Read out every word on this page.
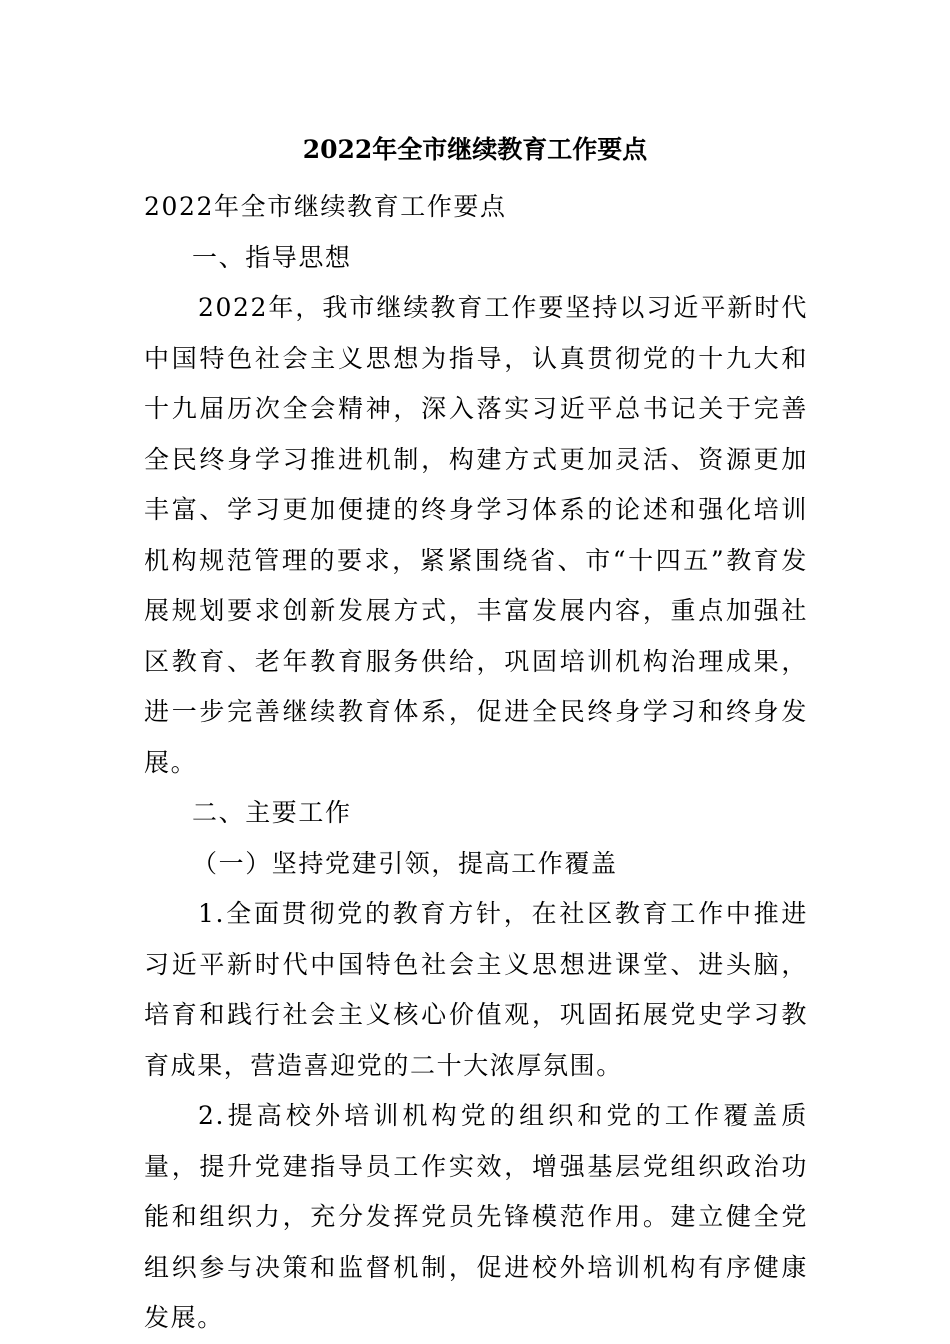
2022年全市继续教育工作要点

2022年全市继续教育工作要点

一、指导思想

2022年，我市继续教育工作要坚持以习近平新时代中国特色社会主义思想为指导，认真贯彻党的十九大和十九届历次全会精神，深入落实习近平总书记关于完善全民终身学习推进机制，构建方式更加灵活、资源更加丰富、学习更加便捷的终身学习体系的论述和强化培训机构规范管理的要求，紧紧围绕省、市“十四五”教育发展规划要求创新发展方式，丰富发展内容，重点加强社区教育、老年教育服务供给，巩固培训机构治理成果，进一步完善继续教育体系，促进全民终身学习和终身发展。

二、主要工作

（一）坚持党建引领，提高工作覆盖

1.全面贯彻党的教育方针，在社区教育工作中推进习近平新时代中国特色社会主义思想进课堂、进头脑，培育和践行社会主义核心价值观，巩固拓展党史学习教育成果，营造喜迎党的二十大浓厚氛围。

2.提高校外培训机构党的组织和党的工作覆盖质量，提升党建指导员工作实效，增强基层党组织政治功能和组织力，充分发挥党员先锋模范作用。建立健全党组织参与决策和监督机制，促进校外培训机构有序健康发展。
